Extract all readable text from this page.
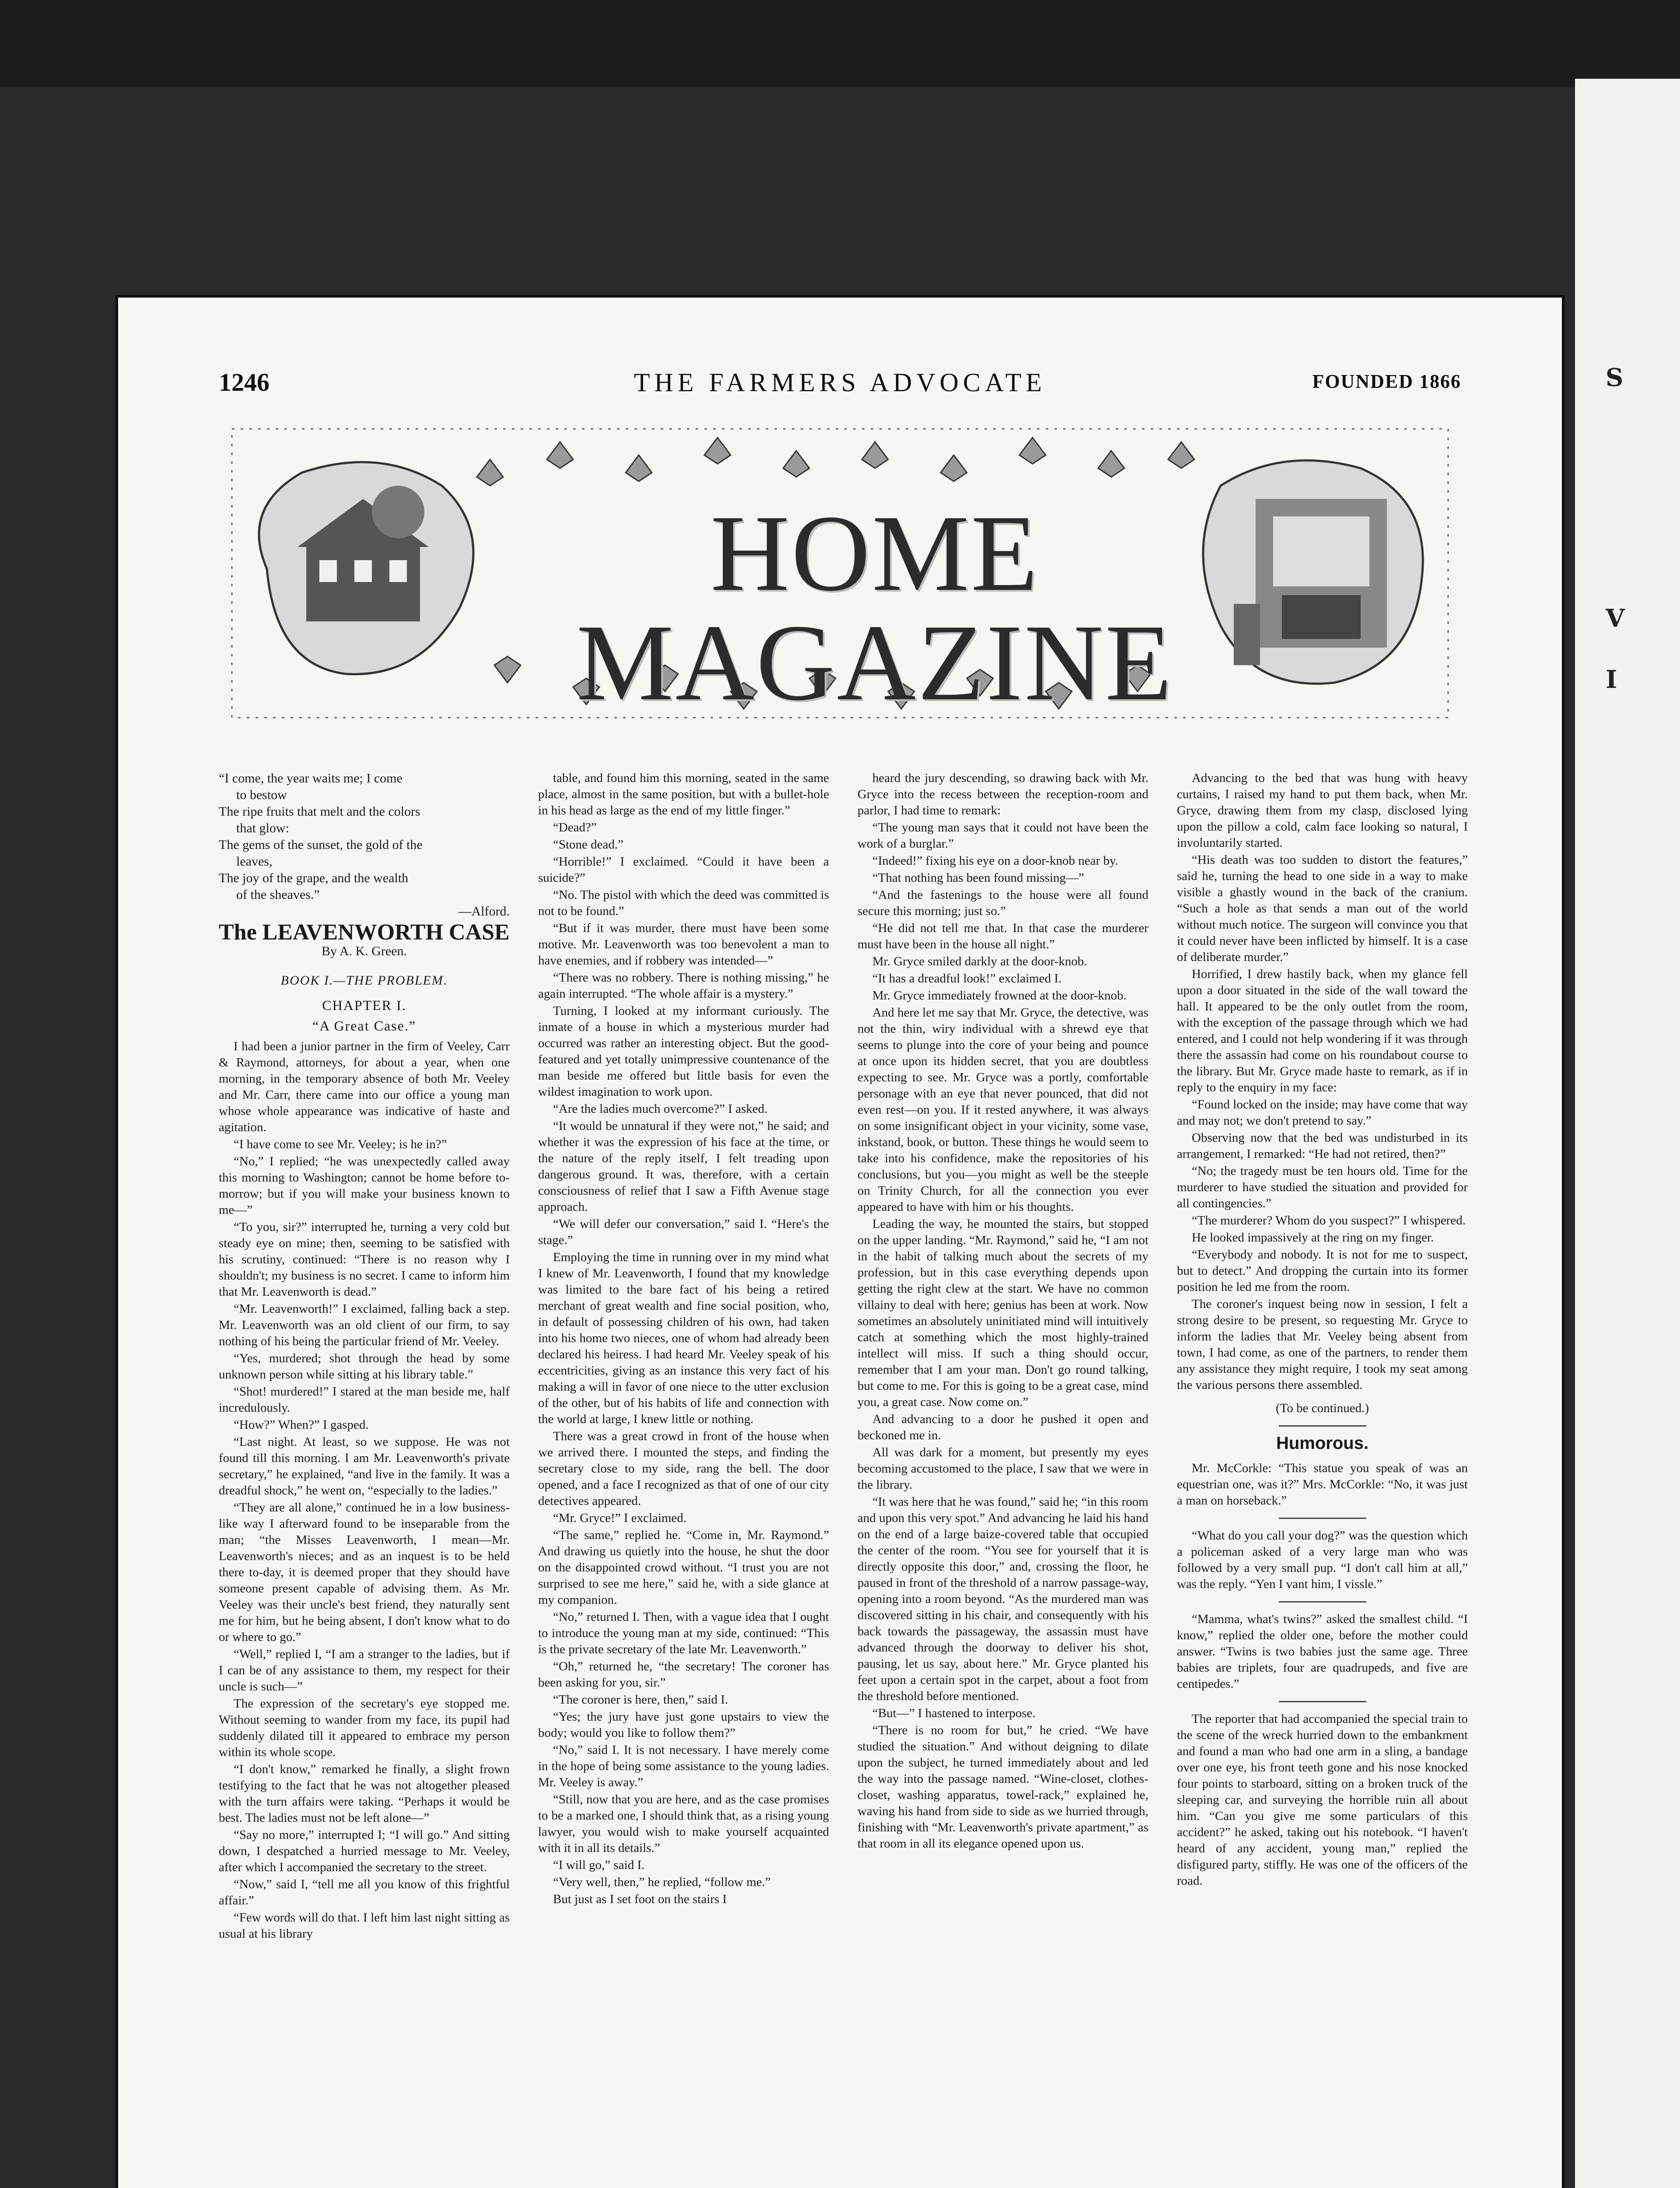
S
V
I
1246	THE FARMERS ADVOCATE	FOUNDED 1866
HOME MAGAZINE
“I come, the year waits me; I come
to bestow
The ripe fruits that melt and the colors
that glow:
The gems of the sunset, the gold of the
leaves,
The joy of the grape, and the wealth
of the sheaves.”
—Alford.
The LEAVENWORTH CASE
By A. K. Green.
BOOK I.—THE PROBLEM.
CHAPTER I.
“A Great Case.”

I had been a junior partner in the firm of Veeley, Carr & Raymond, attorneys, for about a year, when one morning, in the temporary absence of both Mr. Veeley and Mr. Carr, there came into our office a young man whose whole appearance was indicative of haste and agitation.

“I have come to see Mr. Veeley; is he in?”

“No,” I replied; “he was unexpectedly called away this morning to Washington; cannot be home before to-morrow; but if you will make your business known to me—”

“To you, sir?” interrupted he, turning a very cold but steady eye on mine; then, seeming to be satisfied with his scrutiny, continued: “There is no reason why I shouldn't; my business is no secret. I came to inform him that Mr. Leavenworth is dead.”

“Mr. Leavenworth!” I exclaimed, falling back a step. Mr. Leavenworth was an old client of our firm, to say nothing of his being the particular friend of Mr. Veeley.

“Yes, murdered; shot through the head by some unknown person while sitting at his library table.”

“Shot! murdered!” I stared at the man beside me, half incredulously.

“How?” When?” I gasped.

“Last night. At least, so we suppose. He was not found till this morning. I am Mr. Leavenworth's private secretary,” he explained, “and live in the family. It was a dreadful shock,” he went on, “especially to the ladies.”

“They are all alone,” continued he in a low business-like way I afterward found to be inseparable from the man; “the Misses Leavenworth, I mean—Mr. Leavenworth's nieces; and as an inquest is to be held there to-day, it is deemed proper that they should have someone present capable of advising them. As Mr. Veeley was their uncle's best friend, they naturally sent me for him, but he being absent, I don't know what to do or where to go.”

“Well,” replied I, “I am a stranger to the ladies, but if I can be of any assistance to them, my respect for their uncle is such—”

The expression of the secretary's eye stopped me. Without seeming to wander from my face, its pupil had suddenly dilated till it appeared to embrace my person within its whole scope.

“I don't know,” remarked he finally, a slight frown testifying to the fact that he was not altogether pleased with the turn affairs were taking. “Perhaps it would be best. The ladies must not be left alone—”

“Say no more,” interrupted I; “I will go.” And sitting down, I despatched a hurried message to Mr. Veeley, after which I accompanied the secretary to the street.

“Now,” said I, “tell me all you know of this frightful affair.”

“Few words will do that. I left him last night sitting as usual at his library

table, and found him this morning, seated in the same place, almost in the same position, but with a bullet-hole in his head as large as the end of my little finger.”

“Dead?”

“Stone dead.”

“Horrible!” I exclaimed. “Could it have been a suicide?”

“No. The pistol with which the deed was committed is not to be found.”

“But if it was murder, there must have been some motive. Mr. Leavenworth was too benevolent a man to have enemies, and if robbery was intended—”

“There was no robbery. There is nothing missing,” he again interrupted. “The whole affair is a mystery.”

Turning, I looked at my informant curiously. The inmate of a house in which a mysterious murder had occurred was rather an interesting object. But the good-featured and yet totally unimpressive countenance of the man beside me offered but little basis for even the wildest imagination to work upon.

“Are the ladies much overcome?” I asked.

“It would be unnatural if they were not,” he said; and whether it was the expression of his face at the time, or the nature of the reply itself, I felt treading upon dangerous ground. It was, therefore, with a certain consciousness of relief that I saw a Fifth Avenue stage approach.

“We will defer our conversation,” said I. “Here's the stage.”

Employing the time in running over in my mind what I knew of Mr. Leavenworth, I found that my knowledge was limited to the bare fact of his being a retired merchant of great wealth and fine social position, who, in default of possessing children of his own, had taken into his home two nieces, one of whom had already been declared his heiress. I had heard Mr. Veeley speak of his eccentricities, giving as an instance this very fact of his making a will in favor of one niece to the utter exclusion of the other, but of his habits of life and connection with the world at large, I knew little or nothing.

There was a great crowd in front of the house when we arrived there. I mounted the steps, and finding the secretary close to my side, rang the bell. The door opened, and a face I recognized as that of one of our city detectives appeared.

“Mr. Gryce!” I exclaimed.

“The same,” replied he. “Come in, Mr. Raymond.” And drawing us quietly into the house, he shut the door on the disappointed crowd without. “I trust you are not surprised to see me here,” said he, with a side glance at my companion.

“No,” returned I. Then, with a vague idea that I ought to introduce the young man at my side, continued: “This is the private secretary of the late Mr. Leavenworth.”

“Oh,” returned he, “the secretary! The coroner has been asking for you, sir.”

“The coroner is here, then,” said I.

“Yes; the jury have just gone upstairs to view the body; would you like to follow them?”

“No,” said I. It is not necessary. I have merely come in the hope of being some assistance to the young ladies. Mr. Veeley is away.”

“Still, now that you are here, and as the case promises to be a marked one, I should think that, as a rising young lawyer, you would wish to make yourself acquainted with it in all its details.”

“I will go,” said I.

“Very well, then,” he replied, “follow me.”

But just as I set foot on the stairs I

heard the jury descending, so drawing back with Mr. Gryce into the recess between the reception-room and parlor, I had time to remark:

“The young man says that it could not have been the work of a burglar.”

“Indeed!” fixing his eye on a door-knob near by.

“That nothing has been found missing—”

“And the fastenings to the house were all found secure this morning; just so.”

“He did not tell me that. In that case the murderer must have been in the house all night.”

Mr. Gryce smiled darkly at the door-knob.

“It has a dreadful look!” exclaimed I.

Mr. Gryce immediately frowned at the door-knob.

And here let me say that Mr. Gryce, the detective, was not the thin, wiry individual with a shrewd eye that seems to plunge into the core of your being and pounce at once upon its hidden secret, that you are doubtless expecting to see. Mr. Gryce was a portly, comfortable personage with an eye that never pounced, that did not even rest—on you. If it rested anywhere, it was always on some insignificant object in your vicinity, some vase, inkstand, book, or button. These things he would seem to take into his confidence, make the repositories of his conclusions, but you—you might as well be the steeple on Trinity Church, for all the connection you ever appeared to have with him or his thoughts.

Leading the way, he mounted the stairs, but stopped on the upper landing. “Mr. Raymond,” said he, “I am not in the habit of talking much about the secrets of my profession, but in this case everything depends upon getting the right clew at the start. We have no common villainy to deal with here; genius has been at work. Now sometimes an absolutely uninitiated mind will intuitively catch at something which the most highly-trained intellect will miss. If such a thing should occur, remember that I am your man. Don't go round talking, but come to me. For this is going to be a great case, mind you, a great case. Now come on.”

And advancing to a door he pushed it open and beckoned me in.

All was dark for a moment, but presently my eyes becoming accustomed to the place, I saw that we were in the library.

“It was here that he was found,” said he; “in this room and upon this very spot.” And advancing he laid his hand on the end of a large baize-covered table that occupied the center of the room. “You see for yourself that it is directly opposite this door,” and, crossing the floor, he paused in front of the threshold of a narrow passage-way, opening into a room beyond. “As the murdered man was discovered sitting in his chair, and consequently with his back towards the passageway, the assassin must have advanced through the doorway to deliver his shot, pausing, let us say, about here.” Mr. Gryce planted his feet upon a certain spot in the carpet, about a foot from the threshold before mentioned.

“But—” I hastened to interpose.

“There is no room for but,” he cried. “We have studied the situation.” And without deigning to dilate upon the subject, he turned immediately about and led the way into the passage named. “Wine-closet, clothes-closet, washing apparatus, towel-rack,” explained he, waving his hand from side to side as we hurried through, finishing with “Mr. Leavenworth's private apartment,” as that room in all its elegance opened upon us.

Advancing to the bed that was hung with heavy curtains, I raised my hand to put them back, when Mr. Gryce, drawing them from my clasp, disclosed lying upon the pillow a cold, calm face looking so natural, I involuntarily started.

“His death was too sudden to distort the features,” said he, turning the head to one side in a way to make visible a ghastly wound in the back of the cranium. “Such a hole as that sends a man out of the world without much notice. The surgeon will convince you that it could never have been inflicted by himself. It is a case of deliberate murder.”

Horrified, I drew hastily back, when my glance fell upon a door situated in the side of the wall toward the hall. It appeared to be the only outlet from the room, with the exception of the passage through which we had entered, and I could not help wondering if it was through there the assassin had come on his roundabout course to the library. But Mr. Gryce made haste to remark, as if in reply to the enquiry in my face:

“Found locked on the inside; may have come that way and may not; we don't pretend to say.”

Observing now that the bed was undisturbed in its arrangement, I remarked: “He had not retired, then?”

“No; the tragedy must be ten hours old. Time for the murderer to have studied the situation and provided for all contingencies.”

“The murderer? Whom do you suspect?” I whispered.

He looked impassively at the ring on my finger.

“Everybody and nobody. It is not for me to suspect, but to detect.” And dropping the curtain into its former position he led me from the room.

The coroner's inquest being now in session, I felt a strong desire to be present, so requesting Mr. Gryce to inform the ladies that Mr. Veeley being absent from town, I had come, as one of the partners, to render them any assistance they might require, I took my seat among the various persons there assembled.

(To be continued.)
Humorous.

Mr. McCorkle: “This statue you speak of was an equestrian one, was it?” Mrs. McCorkle: “No, it was just a man on horseback.”

“What do you call your dog?” was the question which a policeman asked of a very large man who was followed by a very small pup. “I don't call him at all,” was the reply. “Yen I vant him, I vissle.”

“Mamma, what's twins?” asked the smallest child. “I know,” replied the older one, before the mother could answer. “Twins is two babies just the same age. Three babies are triplets, four are quadrupeds, and five are centipedes.”

The reporter that had accompanied the special train to the scene of the wreck hurried down to the embankment and found a man who had one arm in a sling, a bandage over one eye, his front teeth gone and his nose knocked four points to starboard, sitting on a broken truck of the sleeping car, and surveying the horrible ruin all about him. “Can you give me some particulars of this accident?” he asked, taking out his notebook. “I haven't heard of any accident, young man,” replied the disfigured party, stiffly. He was one of the officers of the road.
